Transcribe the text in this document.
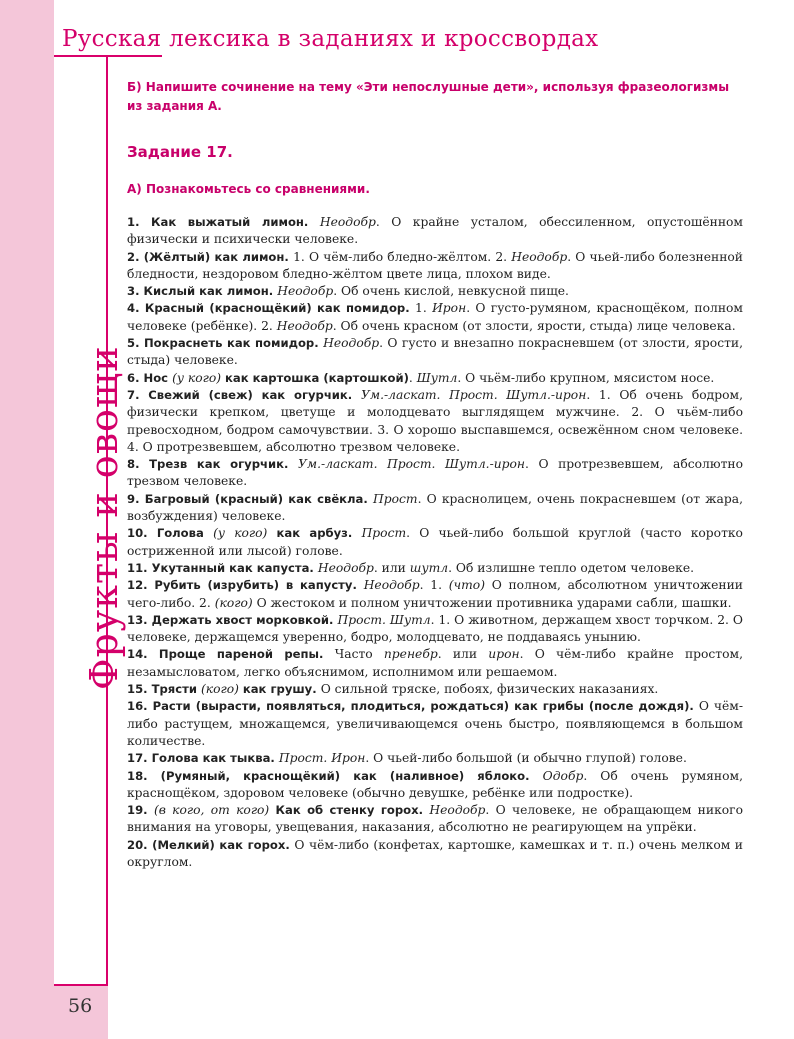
Русская лексика в заданиях и кроссвордах
Фрукты и овощи
56

Б) Напишите сочинение на тему «Эти непослушные дети», используя фразеологизмы из задания А.

Задание 17.

А) Познакомьтесь со сравнениями.

1. Как выжатый лимон. Неодобр. О крайне усталом, обессиленном, опустошённом физически и психически человеке.
2. (Жёлтый) как лимон. 1. О чём-либо бледно-жёлтом. 2. Неодобр. О чьей-либо болезненной бледности, нездоровом бледно-жёлтом цвете лица, плохом виде.
3. Кислый как лимон. Неодобр. Об очень кислой, невкусной пище.
4. Красный (краснощёкий) как помидор. 1. Ирон. О густо-румяном, краснощёком, полном человеке (ребёнке). 2. Неодобр. Об очень красном (от злости, ярости, стыда) лице человека.
5. Покраснеть как помидор. Неодобр. О густо и внезапно покрасневшем (от злости, ярости, стыда) человеке.
6. Нос (у кого) как картошка (картошкой). Шутл. О чьём-либо крупном, мясистом носе.
7. Свежий (свеж) как огурчик. Ум.-ласкат. Прост. Шутл.-ирон. 1. Об очень бодром, физически крепком, цветуще и молодцевато выглядящем мужчине. 2. О чьём-либо превосходном, бодром самочувствии. 3. О хорошо выспавшемся, освежённом сном человеке. 4. О протрезвевшем, абсолютно трезвом человеке.
8. Трезв как огурчик. Ум.-ласкат. Прост. Шутл.-ирон. О протрезвевшем, абсолютно трезвом человеке.
9. Багровый (красный) как свёкла. Прост. О краснолицем, очень покрасневшем (от жара, возбуждения) человеке.
10. Голова (у кого) как арбуз. Прост. О чьей-либо большой круглой (часто коротко остриженной или лысой) голове.
11. Укутанный как капуста. Неодобр. или шутл. Об излишне тепло одетом человеке.
12. Рубить (изрубить) в капусту. Неодобр. 1. (что) О полном, абсолютном уничтожении чего-либо. 2. (кого) О жестоком и полном уничтожении противника ударами сабли, шашки.
13. Держать хвост морковкой. Прост. Шутл. 1. О животном, держащем хвост торчком. 2. О человеке, держащемся уверенно, бодро, молодцевато, не поддаваясь унынию.
14. Проще пареной репы. Часто пренебр. или ирон. О чём-либо крайне простом, незамысловатом, легко объяснимом, исполнимом или решаемом.
15. Трясти (кого) как грушу. О сильной тряске, побоях, физических наказаниях.
16. Расти (вырасти, появляться, плодиться, рождаться) как грибы (после дождя). О чём-либо растущем, множащемся, увеличивающемся очень быстро, появляющемся в большом количестве.
17. Голова как тыква. Прост. Ирон. О чьей-либо большой (и обычно глупой) голове.
18. (Румяный, краснощёкий) как (наливное) яблоко. Одобр. Об очень румяном, краснощёком, здоровом человеке (обычно девушке, ребёнке или подростке).
19. (в кого, от кого) Как об стенку горох. Неодобр. О человеке, не обращающем никого внимания на уговоры, увещевания, наказания, абсолютно не реагирующем на упрёки.
20. (Мелкий) как горох. О чём-либо (конфетах, картошке, камешках и т. п.) очень мелком и округлом.
